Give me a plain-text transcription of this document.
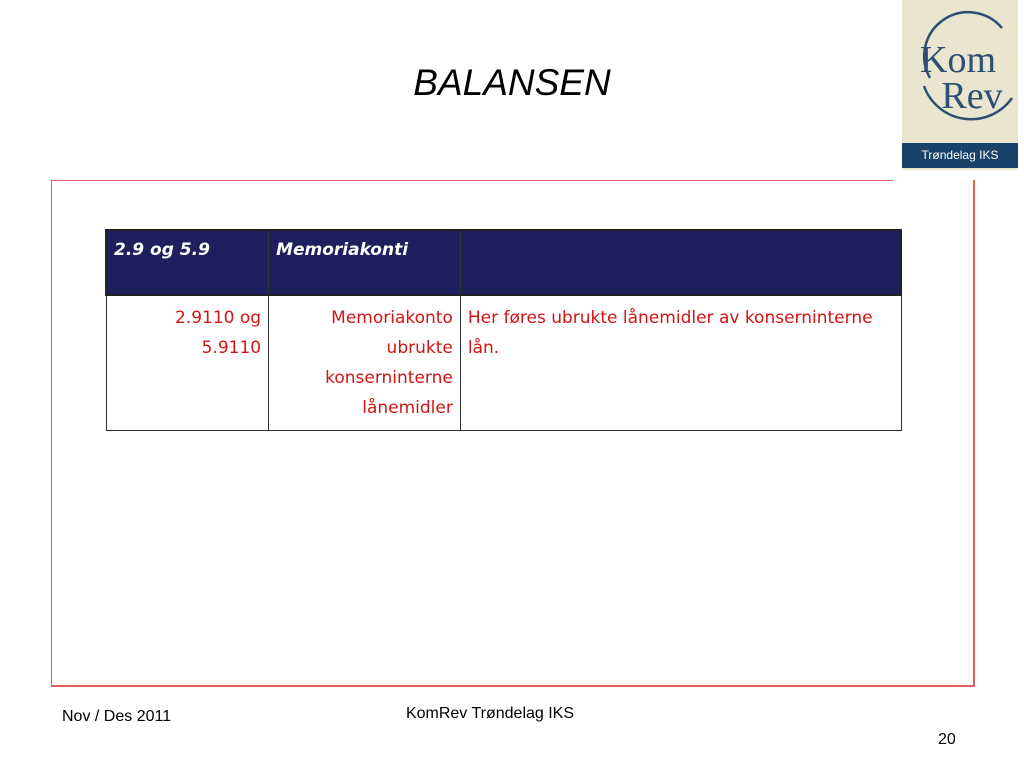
BALANSEN
Kom
Rev
Trøndelag IKS
2.9 og 5.9	Memoriakonti	
2.9110 og 5.9110	Memoriakonto ubrukte konserninterne lånemidler	Her føres ubrukte lånemidler av konserninterne lån.
Nov / Des 2011	KomRev Trøndelag IKS
20
